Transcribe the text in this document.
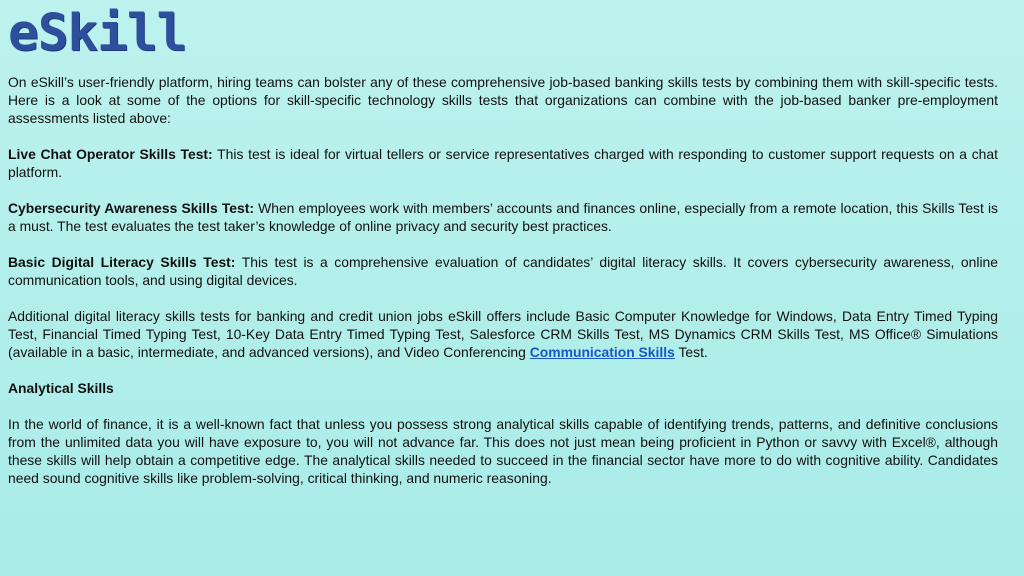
eSkill

On eSkill’s user-friendly platform, hiring teams can bolster any of these comprehensive job-based banking skills tests by combining them with skill-specific tests. Here is a look at some of the options for skill-specific technology skills tests that organizations can combine with the job-based banker pre-employment assessments listed above:

Live Chat Operator Skills Test: This test is ideal for virtual tellers or service representatives charged with responding to customer support requests on a chat platform.

Cybersecurity Awareness Skills Test: When employees work with members’ accounts and finances online, especially from a remote location, this Skills Test is a must. The test evaluates the test taker’s knowledge of online privacy and security best practices.

Basic Digital Literacy Skills Test: This test is a comprehensive evaluation of candidates’ digital literacy skills. It covers cybersecurity awareness, online communication tools, and using digital devices.

Additional digital literacy skills tests for banking and credit union jobs eSkill offers include Basic Computer Knowledge for Windows, Data Entry Timed Typing Test, Financial Timed Typing Test, 10-Key Data Entry Timed Typing Test, Salesforce CRM Skills Test, MS Dynamics CRM Skills Test, MS Office® Simulations (available in a basic, intermediate, and advanced versions), and Video Conferencing Communication Skills Test.

Analytical Skills

In the world of finance, it is a well-known fact that unless you possess strong analytical skills capable of identifying trends, patterns, and definitive conclusions from the unlimited data you will have exposure to, you will not advance far. This does not just mean being proficient in Python or savvy with Excel®, although these skills will help obtain a competitive edge. The analytical skills needed to succeed in the financial sector have more to do with cognitive ability. Candidates need sound cognitive skills like problem-solving, critical thinking, and numeric reasoning.
